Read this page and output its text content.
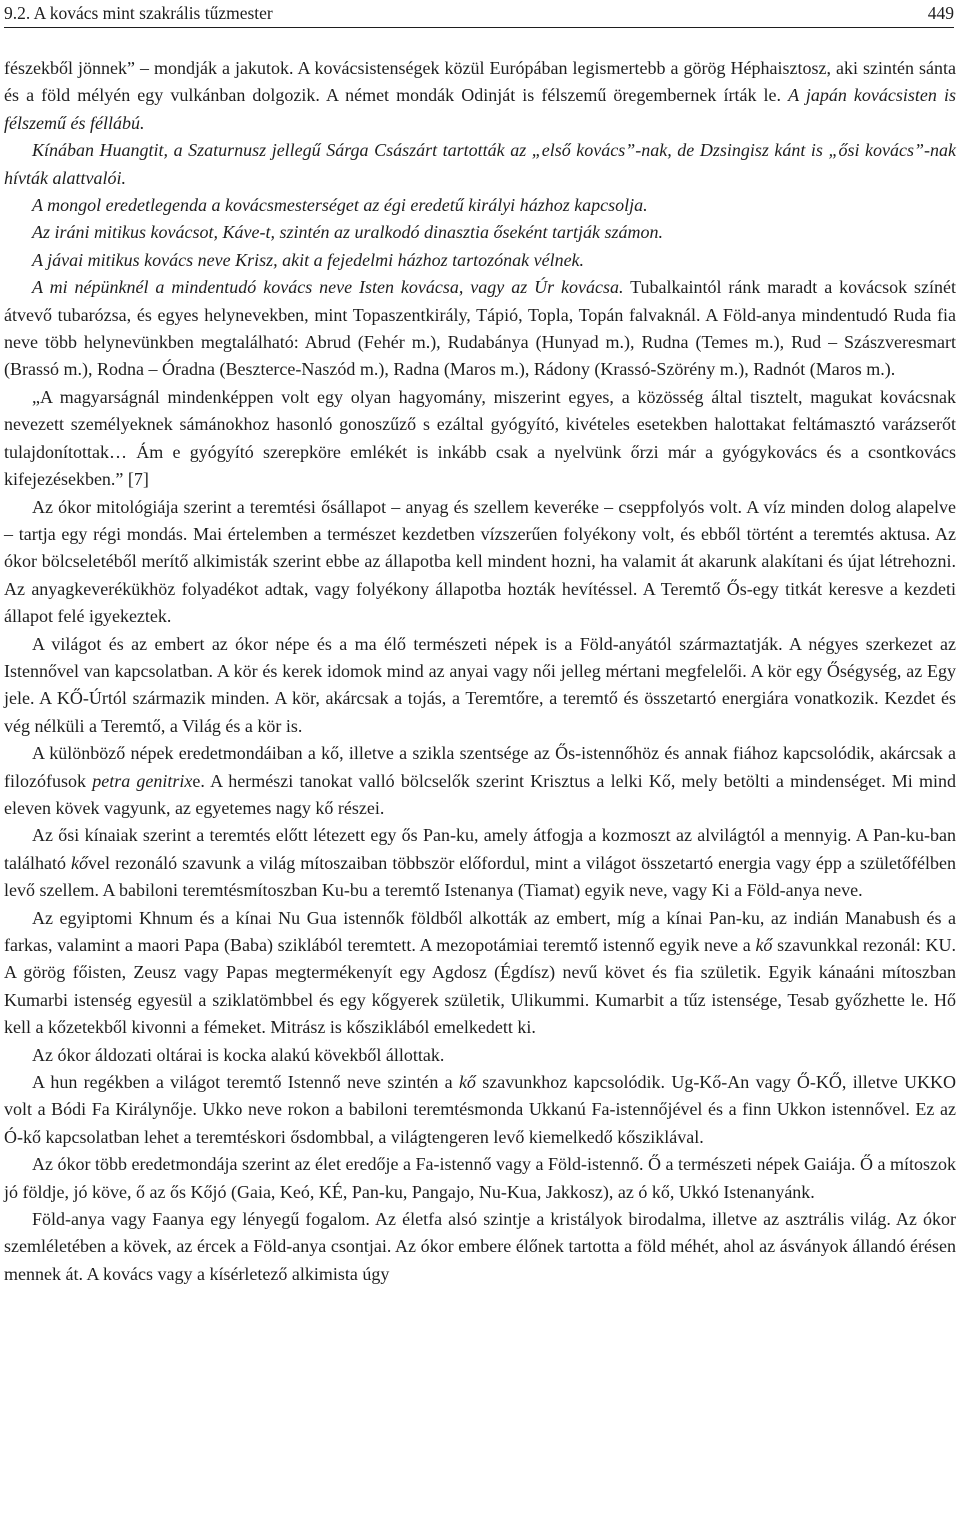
9.2. A kovács mint szakrális tűzmester	449

fészekből jönnek” – mondják a jakutok. A kovácsistenségek közül Európában legismertebb a görög Héphaisztosz, aki szintén sánta és a föld mélyén egy vulkánban dolgozik. A német mondák Odinját is félszemű öregembernek írták le. A japán kovácsisten is félszemű és féllábú.

Kínában Huangtit, a Szaturnusz jellegű Sárga Császárt tartották az „első kovács”-nak, de Dzsingisz kánt is „ősi kovács”-nak hívták alattvalói.

A mongol eredetlegenda a kovácsmesterséget az égi eredetű királyi házhoz kapcsolja.

Az iráni mitikus kovácsot, Káve-t, szintén az uralkodó dinasztia őseként tartják számon.

A jávai mitikus kovács neve Krisz, akit a fejedelmi házhoz tartozónak vélnek.

A mi népünknél a mindentudó kovács neve Isten kovácsa, vagy az Úr kovácsa. Tubalkaintól ránk maradt a kovácsok színét átvevő tubarózsa, és egyes helynevekben, mint Topaszentkirály, Tápió, Topla, Topán falvaknál. A Föld-anya mindentudó Ruda fia neve több helynevünkben megtalálható: Abrud (Fehér m.), Rudabánya (Hunyad m.), Rudna (Temes m.), Rud – Szászveresmart (Brassó m.), Rodna – Óradna (Beszterce-Naszód m.), Radna (Maros m.), Rádony (Krassó-Szörény m.), Radnót (Maros m.).

„A magyarságnál mindenképpen volt egy olyan hagyomány, miszerint egyes, a közösség által tisztelt, magukat kovácsnak nevezett személyeknek sámánokhoz hasonló gonoszűző s ezáltal gyógyító, kivételes esetekben halottakat feltámasztó varázserőt tulajdonítottak… Ám e gyógyító szerepköre emlékét is inkább csak a nyelvünk őrzi már a gyógykovács és a csontkovács kifejezésekben.” [7]

Az ókor mitológiája szerint a teremtési ősállapot – anyag és szellem keveréke – cseppfolyós volt. A víz minden dolog alapelve – tartja egy régi mondás. Mai értelemben a természet kezdetben vízszerűen folyékony volt, és ebből történt a teremtés aktusa. Az ókor bölcseletéből merítő alkimisták szerint ebbe az állapotba kell mindent hozni, ha valamit át akarunk alakítani és újat létrehozni. Az anyagkeverékükhöz folyadékot adtak, vagy folyékony állapotba hozták hevítéssel. A Teremtő Ős-egy titkát keresve a kezdeti állapot felé igyekeztek.

A világot és az embert az ókor népe és a ma élő természeti népek is a Föld-anyától származtatják. A négyes szerkezet az Istennővel van kapcsolatban. A kör és kerek idomok mind az anyai vagy női jelleg mértani megfelelői. A kör egy Őségység, az Egy jele. A KŐ-Úrtól származik minden. A kör, akárcsak a tojás, a Teremtőre, a teremtő és összetartó energiára vonatkozik. Kezdet és vég nélküli a Teremtő, a Világ és a kör is.

A különböző népek eredetmondáiban a kő, illetve a szikla szentsége az Ős-istennőhöz és annak fiához kapcsolódik, akárcsak a filozófusok petra genitrixe. A hermészi tanokat valló bölcselők szerint Krisztus a lelki Kő, mely betölti a mindenséget. Mi mind eleven kövek vagyunk, az egyetemes nagy kő részei.

Az ősi kínaiak szerint a teremtés előtt létezett egy ős Pan-ku, amely átfogja a kozmoszt az alvilágtól a mennyig. A Pan-ku-ban található kővel rezonáló szavunk a világ mítoszaiban többször előfordul, mint a világot összetartó energia vagy épp a születőfélben levő szellem. A babiloni teremtésmítoszban Ku-bu a teremtő Istenanya (Tiamat) egyik neve, vagy Ki a Föld-anya neve.

Az egyiptomi Khnum és a kínai Nu Gua istennők földből alkották az embert, míg a kínai Pan-ku, az indián Manabush és a farkas, valamint a maori Papa (Baba) sziklából teremtett. A mezopotámiai teremtő istennő egyik neve a kő szavunkkal rezonál: KU. A görög főisten, Zeusz vagy Papas megtermékenyít egy Agdosz (Égdísz) nevű követ és fia születik. Egyik kánaáni mítoszban Kumarbi istenség egyesül a sziklatömbbel és egy kőgyerek születik, Ulikummi. Kumarbit a tűz istensége, Tesab győzhette le. Hő kell a kőzetekből kivonni a fémeket. Mitrász is kősziklából emelkedett ki.

Az ókor áldozati oltárai is kocka alakú kövekből állottak.

A hun regékben a világot teremtő Istennő neve szintén a kő szavunkhoz kapcsolódik. Ug-Kő-An vagy Ő-KŐ, illetve UKKO volt a Bódi Fa Királynője. Ukko neve rokon a babiloni teremtésmonda Ukkanú Fa-istennőjével és a finn Ukkon istennővel. Ez az Ó-kő kapcsolatban lehet a teremtéskori ősdombbal, a világtengeren levő kiemelkedő kősziklával.

Az ókor több eredetmondája szerint az élet eredője a Fa-istennő vagy a Föld-istennő. Ő a természeti népek Gaiája. Ő a mítoszok jó földje, jó köve, ő az ős Kőjó (Gaia, Keó, KÉ, Pan-ku, Pangajo, Nu-Kua, Jakkosz), az ó kő, Ukkó Istenanyánk.

Föld-anya vagy Faanya egy lényegű fogalom. Az életfa alsó szintje a kristályok birodalma, illetve az asztrális világ. Az ókor szemléletében a kövek, az ércek a Föld-anya csontjai. Az ókor embere élőnek tartotta a föld méhét, ahol az ásványok állandó érésen mennek át. A kovács vagy a kísérletező alkimista úgy
